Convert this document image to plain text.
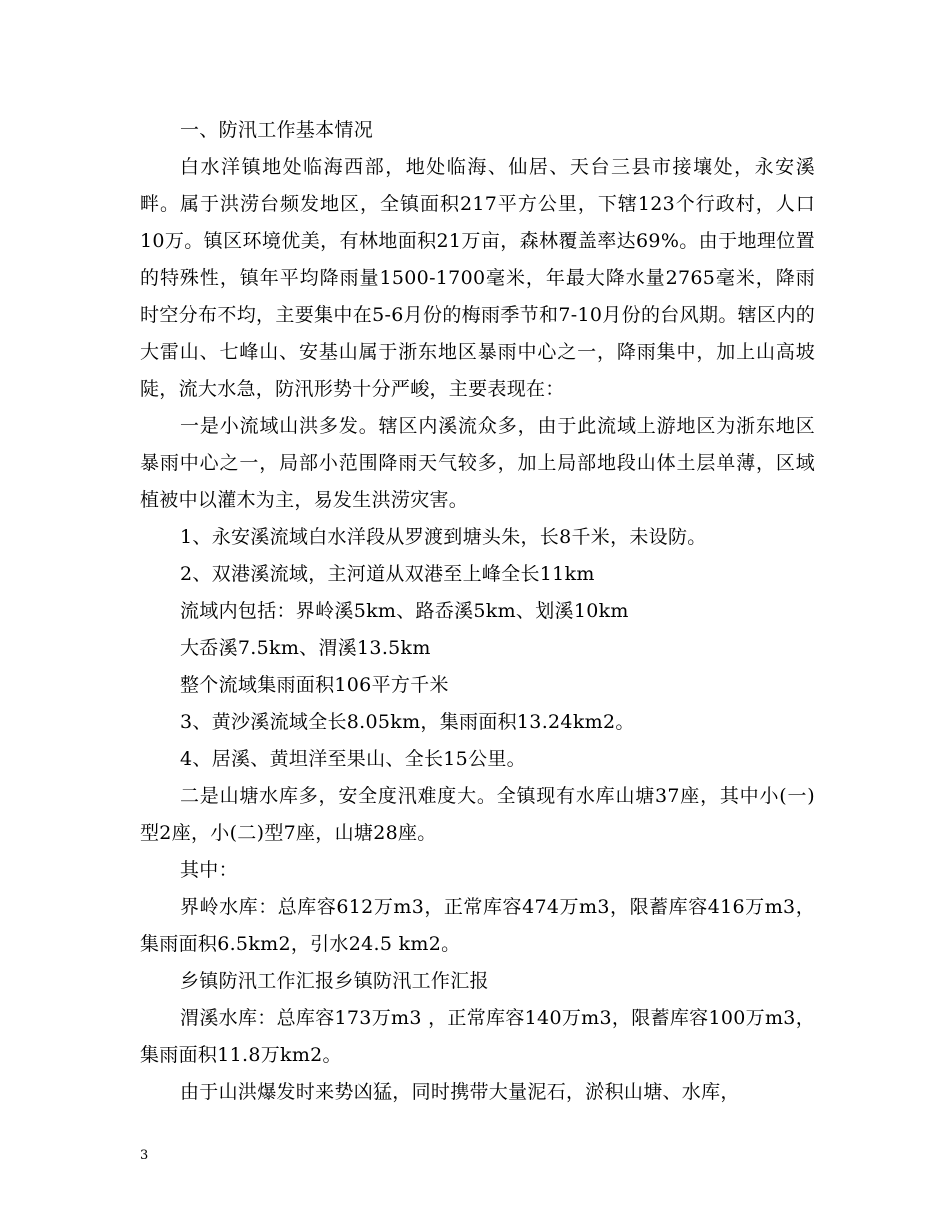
一、防汛工作基本情况

白水洋镇地处临海西部，地处临海、仙居、天台三县市接壤处，永安溪畔。属于洪涝台频发地区，全镇面积217平方公里，下辖123个行政村，人口10万。镇区环境优美，有林地面积21万亩，森林覆盖率达69%。由于地理位置的特殊性，镇年平均降雨量1500-1700毫米，年最大降水量2765毫米，降雨时空分布不均，主要集中在5-6月份的梅雨季节和7-10月份的台风期。辖区内的大雷山、七峰山、安基山属于浙东地区暴雨中心之一，降雨集中，加上山高坡陡，流大水急，防汛形势十分严峻，主要表现在：

一是小流域山洪多发。辖区内溪流众多，由于此流域上游地区为浙东地区暴雨中心之一，局部小范围降雨天气较多，加上局部地段山体土层单薄，区域植被中以灌木为主，易发生洪涝灾害。

1、永安溪流域白水洋段从罗渡到塘头朱，长8千米，未设防。

2、双港溪流域，主河道从双港至上峰全长11km

流域内包括：界岭溪5km、路岙溪5km、划溪10km

大岙溪7.5km、渭溪13.5km

整个流域集雨面积106平方千米

3、黄沙溪流域全长8.05km，集雨面积13.24km2。

4、居溪、黄坦洋至果山、全长15公里。

二是山塘水库多，安全度汛难度大。全镇现有水库山塘37座，其中小(一)型2座，小(二)型7座，山塘28座。

其中：

界岭水库：总库容612万m3，正常库容474万m3，限蓄库容416万m3，集雨面积6.5km2，引水24.5 km2。

乡镇防汛工作汇报乡镇防汛工作汇报

渭溪水库：总库容173万m3 ，正常库容140万m3，限蓄库容100万m3，集雨面积11.8万km2。

由于山洪爆发时来势凶猛，同时携带大量泥石，淤积山塘、水库，

3
